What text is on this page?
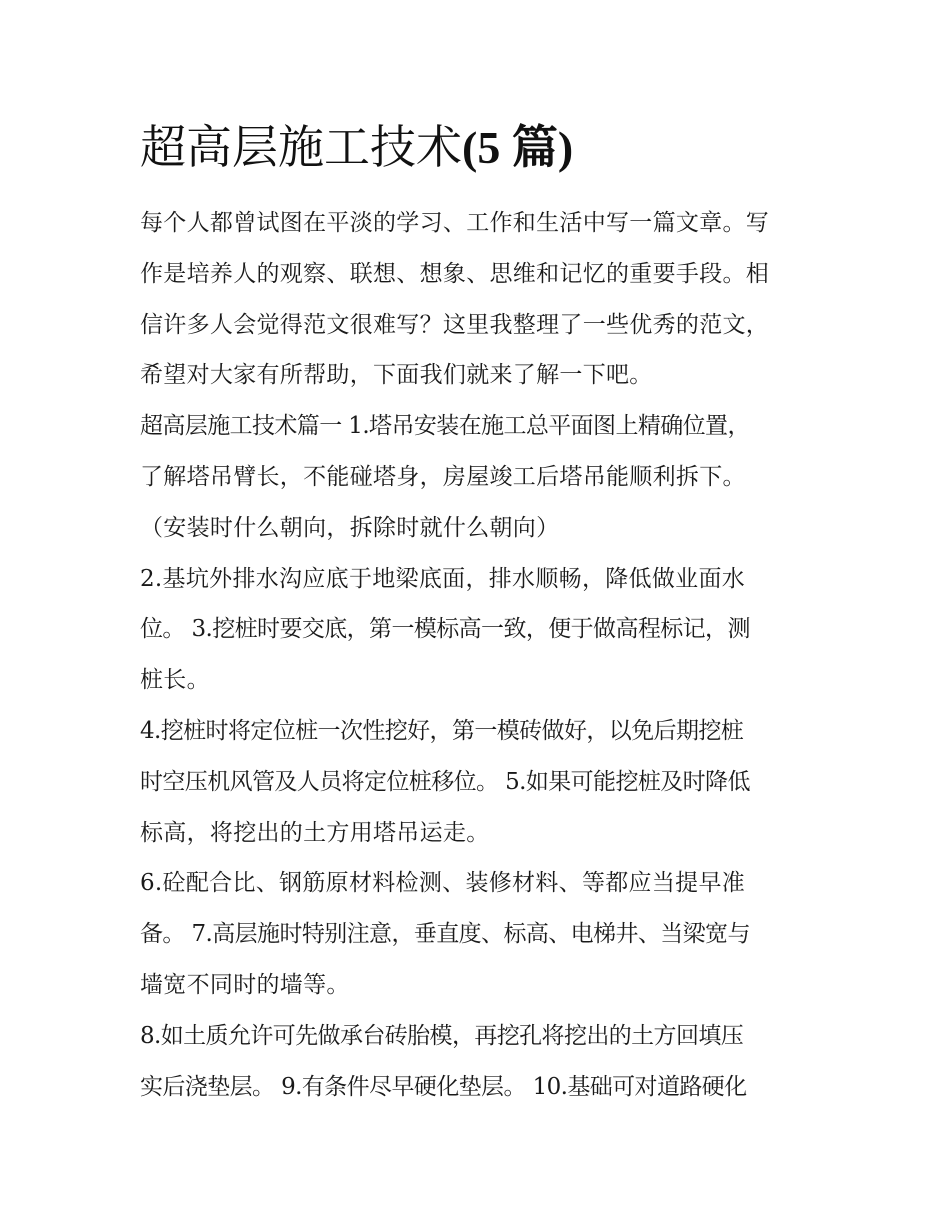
超高层施工技术(5 篇)
每个人都曾试图在平淡的学习、工作和生活中写一篇文章。写
作是培养人的观察、联想、想象、思维和记忆的重要手段。相
信许多人会觉得范文很难写？这里我整理了一些优秀的范文，
希望对大家有所帮助，下面我们就来了解一下吧。
超高层施工技术篇一 1.塔吊安装在施工总平面图上精确位置，
了解塔吊臂长，不能碰塔身，房屋竣工后塔吊能顺利拆下。
（安装时什么朝向，拆除时就什么朝向）
2.基坑外排水沟应底于地梁底面，排水顺畅，降低做业面水
位。 3.挖桩时要交底，第一模标高一致，便于做高程标记，测
桩长。
4.挖桩时将定位桩一次性挖好，第一模砖做好，以免后期挖桩
时空压机风管及人员将定位桩移位。 5.如果可能挖桩及时降低
标高，将挖出的土方用塔吊运走。
6.砼配合比、钢筋原材料检测、装修材料、等都应当提早准
备。 7.高层施时特别注意，垂直度、标高、电梯井、当梁宽与
墙宽不同时的墙等。
8.如土质允许可先做承台砖胎模，再挖孔将挖出的土方回填压
实后浇垫层。 9.有条件尽早硬化垫层。 10.基础可对道路硬化
